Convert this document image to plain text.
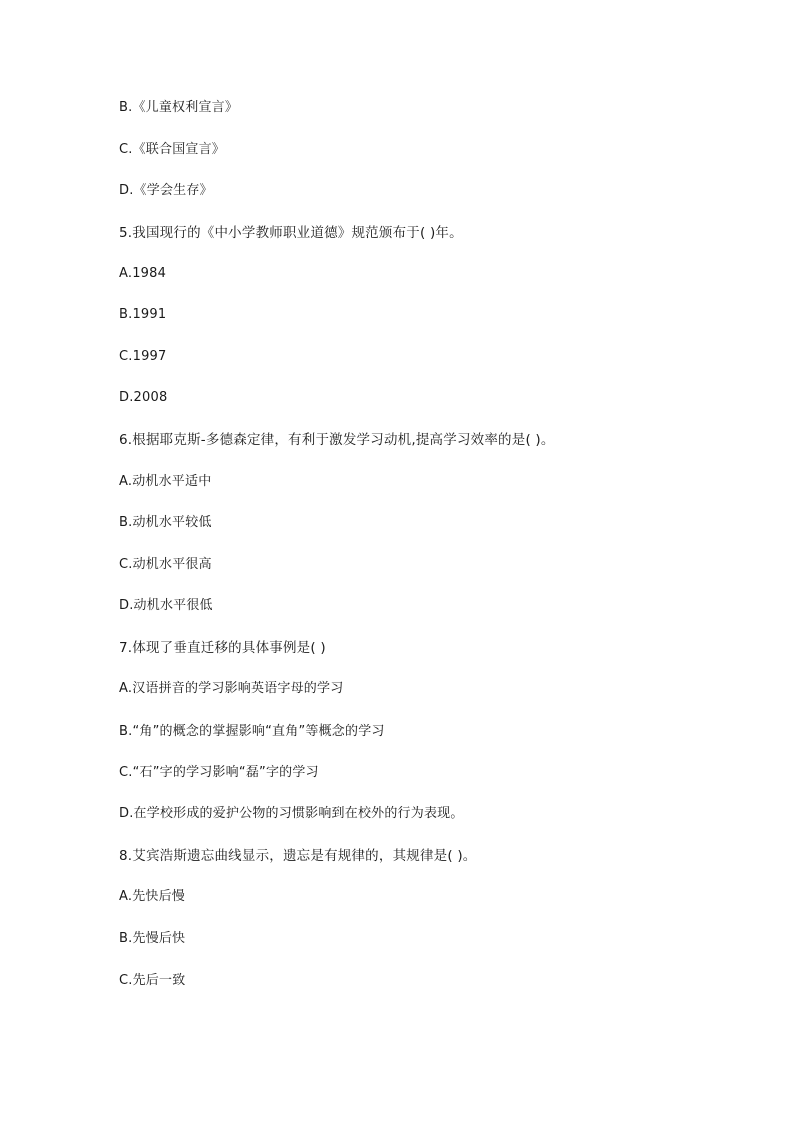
B.《儿童权利宣言》
C.《联合国宣言》
D.《学会生存》
5.我国现行的《中小学教师职业道德》规范颁布于( )年。
A.1984
B.1991
C.1997
D.2008
6.根据耶克斯-多德森定律，有利于激发学习动机,提高学习效率的是( )。
A.动机水平适中
B.动机水平较低
C.动机水平很高
D.动机水平很低
7.体现了垂直迁移的具体事例是( )
A.汉语拼音的学习影响英语字母的学习
B.“角”的概念的掌握影响“直角”等概念的学习
C.“石”字的学习影响“磊”字的学习
D.在学校形成的爱护公物的习惯影响到在校外的行为表现。
8.艾宾浩斯遗忘曲线显示，遗忘是有规律的，其规律是( )。
A.先快后慢
B.先慢后快
C.先后一致
